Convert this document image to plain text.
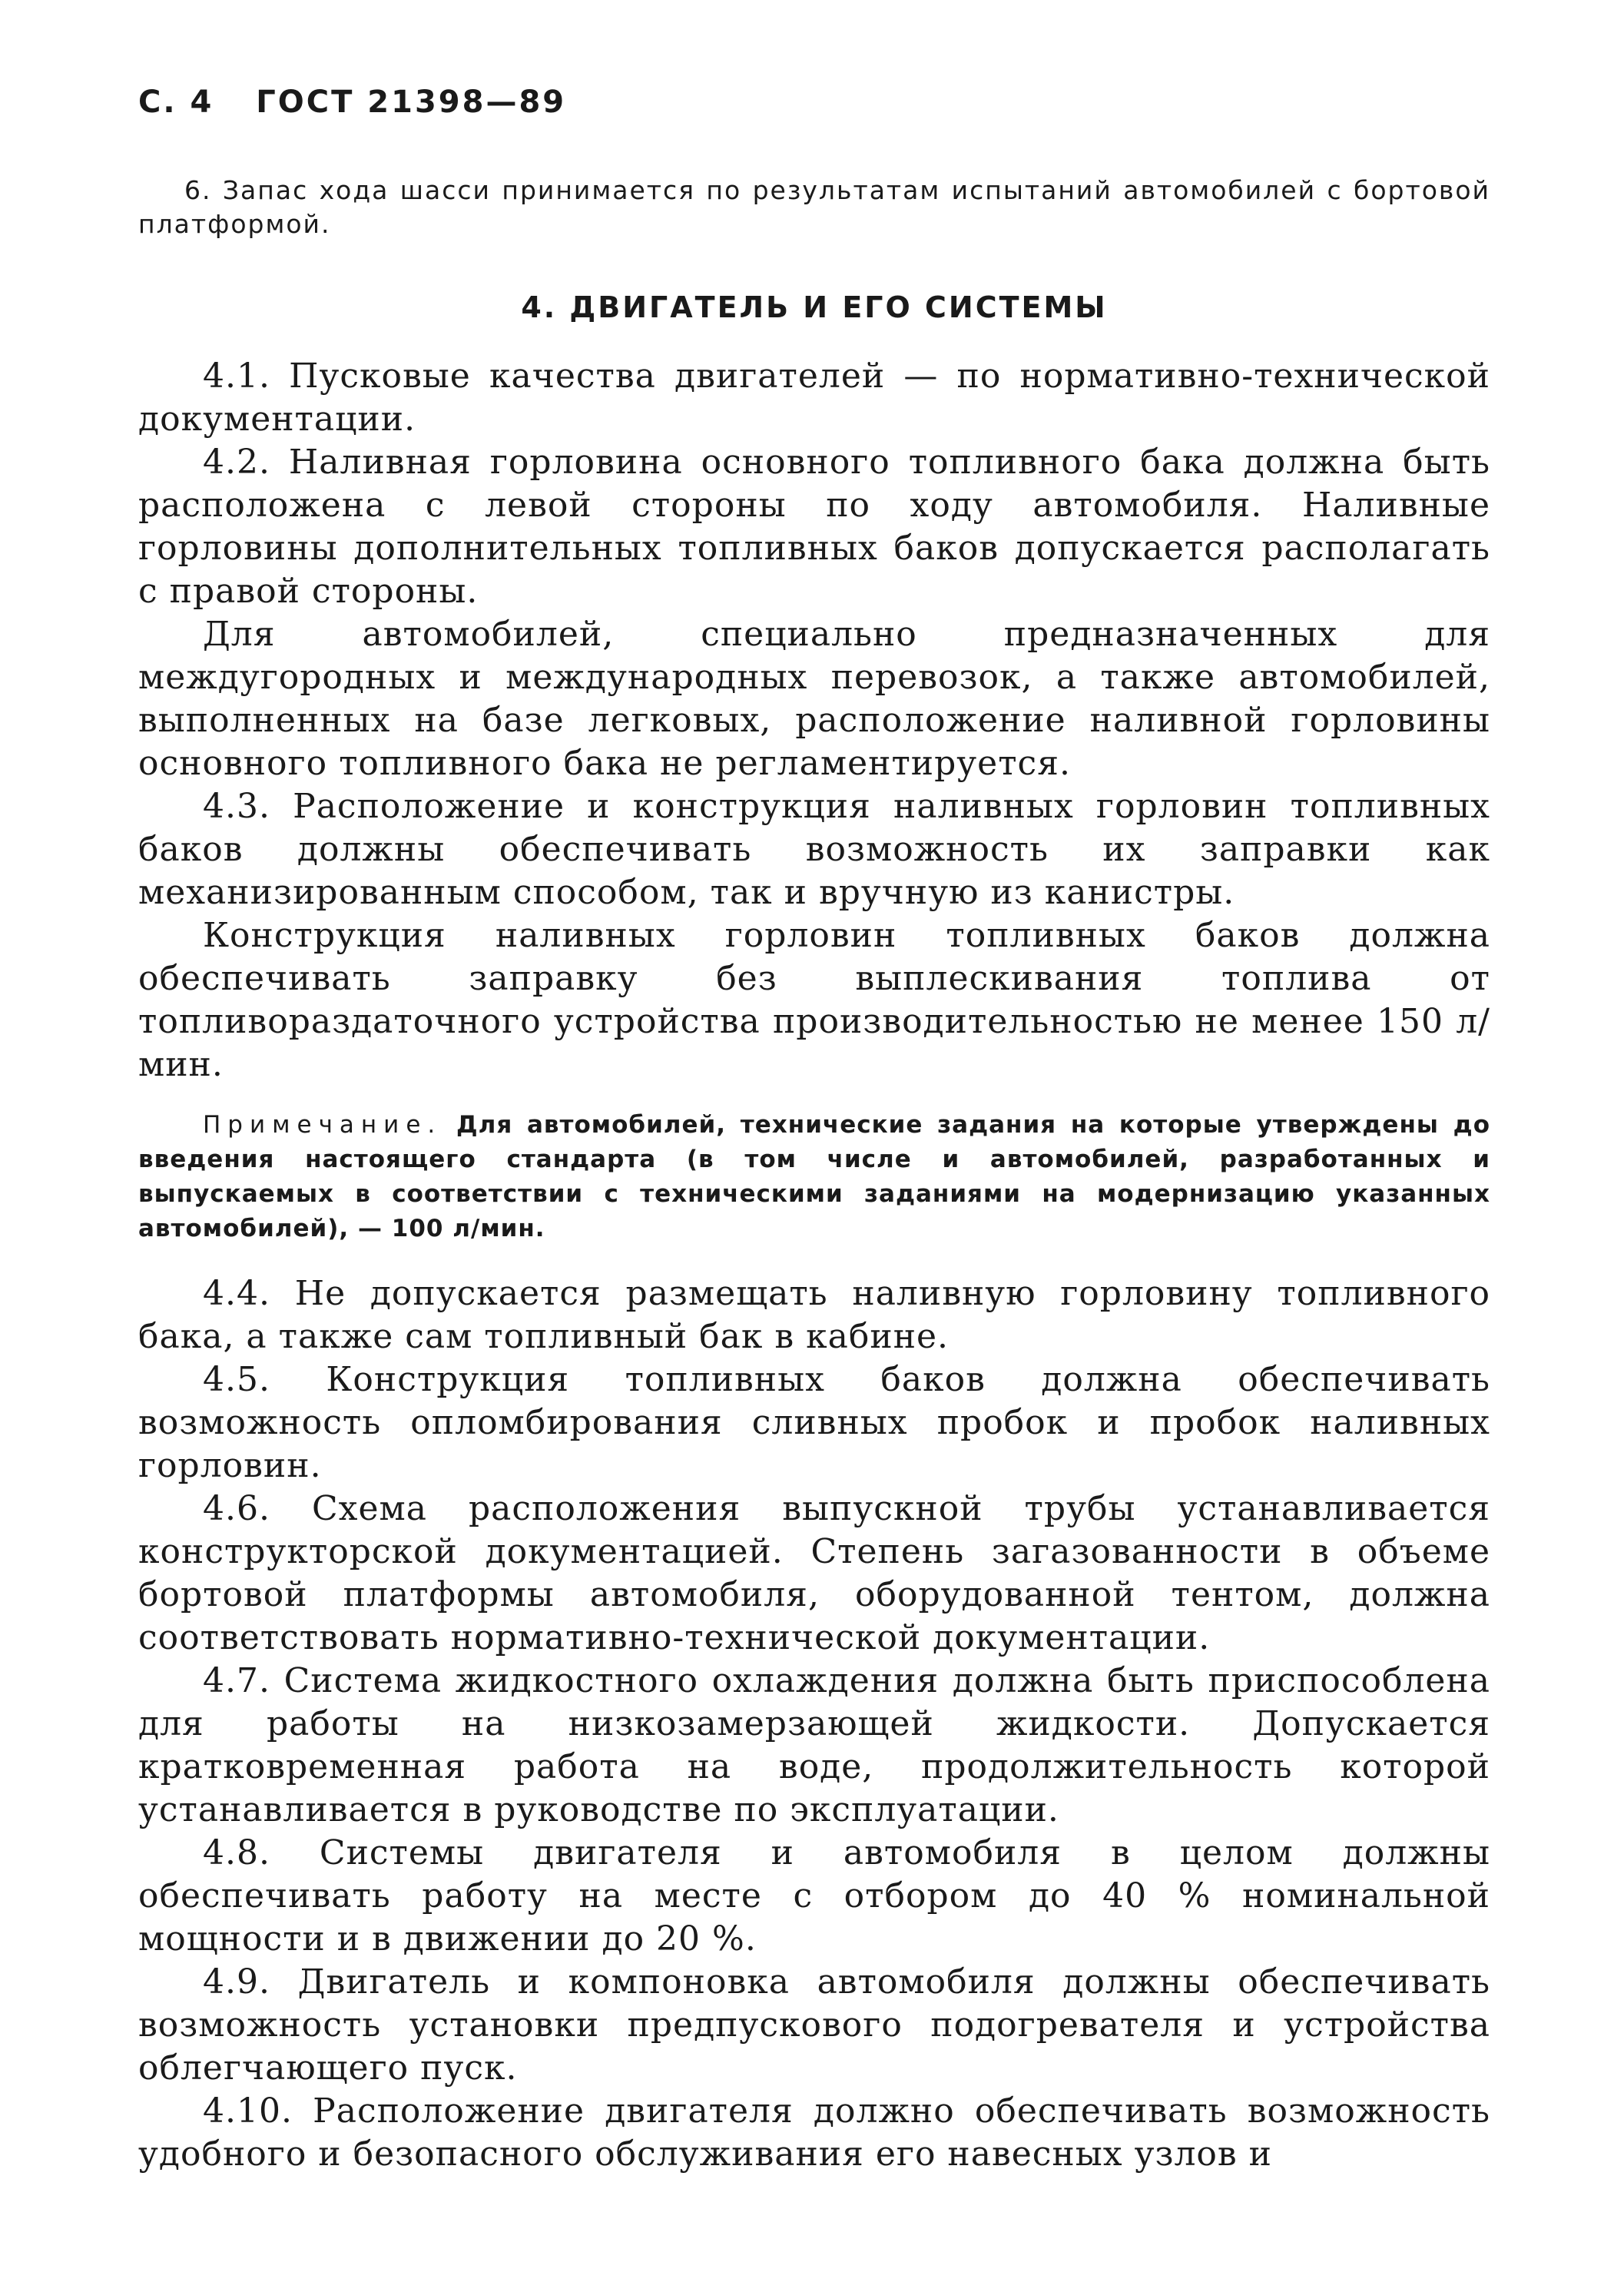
С. 4 ГОСТ 21398—89

6. Запас хода шасси принимается по результатам испытаний автомобилей с бортовой платформой.

4. ДВИГАТЕЛЬ И ЕГО СИСТЕМЫ

4.1. Пусковые качества двигателей — по нормативно-технической документации.

4.2. Наливная горловина основного топливного бака должна быть расположена с левой стороны по ходу автомобиля. Наливные горловины дополнительных топливных баков допускается располагать с правой стороны.

Для автомобилей, специально предназначенных для междугородных и международных перевозок, а также автомобилей, выполненных на базе легковых, расположение наливной горловины основного топливного бака не регламентируется.

4.3. Расположение и конструкция наливных горловин топливных баков должны обеспечивать возможность их заправки как механизированным способом, так и вручную из канистры.

Конструкция наливных горловин топливных баков должна обеспечивать заправку без выплескивания топлива от топливораздаточного устройства производительностью не менее 150 л/мин.

Примечание. Для автомобилей, технические задания на которые утверждены до введения настоящего стандарта (в том числе и автомобилей, разработанных и выпускаемых в соответствии с техническими заданиями на модернизацию указанных автомобилей), — 100 л/мин.

4.4. Не допускается размещать наливную горловину топливного бака, а также сам топливный бак в кабине.

4.5. Конструкция топливных баков должна обеспечивать возможность опломбирования сливных пробок и пробок наливных горловин.

4.6. Схема расположения выпускной трубы устанавливается конструкторской документацией. Степень загазованности в объеме бортовой платформы автомобиля, оборудованной тентом, должна соответствовать нормативно-технической документации.

4.7. Система жидкостного охлаждения должна быть приспособлена для работы на низкозамерзающей жидкости. Допускается кратковременная работа на воде, продолжительность которой устанавливается в руководстве по эксплуатации.

4.8. Системы двигателя и автомобиля в целом должны обеспечивать работу на месте с отбором до 40 % номинальной мощности и в движении до 20 %.

4.9. Двигатель и компоновка автомобиля должны обеспечивать возможность установки предпускового подогревателя и устройства облегчающего пуск.

4.10. Расположение двигателя должно обеспечивать возможность удобного и безопасного обслуживания его навесных узлов и
